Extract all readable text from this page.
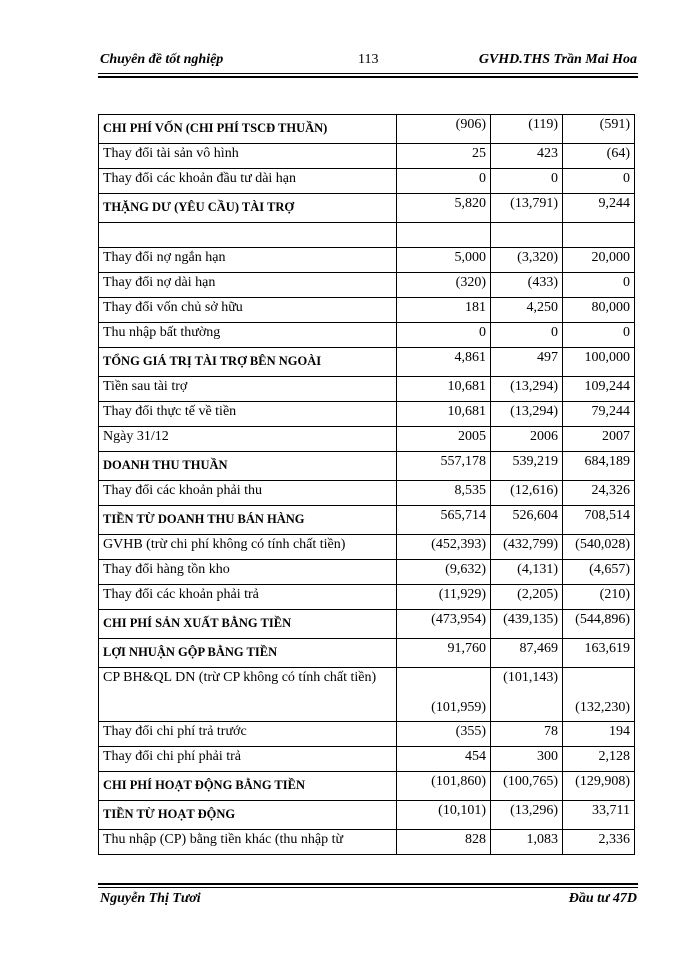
Chuyên đề tốt nghiệp	113	GVHD.THS Trần Mai Hoa
CHI PHÍ VỐN (CHI PHÍ TSCĐ THUẦN)	(906)	(119)	(591)
Thay đổi tài sản vô hình	25	423	(64)
Thay đổi các khoản đầu tư dài hạn	0	0	0
THẶNG DƯ (YÊU CẦU) TÀI TRỢ	5,820	(13,791)	9,244

Thay đổi nợ ngắn hạn	5,000	(3,320)	20,000
Thay đổi nợ dài hạn	(320)	(433)	0
Thay đổi vốn chủ sở hữu	181	4,250	80,000
Thu nhập bất thường	0	0	0
TỔNG GIÁ TRỊ TÀI TRỢ BÊN NGOÀI	4,861	497	100,000
Tiền sau tài trợ	10,681	(13,294)	109,244
Thay đổi thực tế về tiền	10,681	(13,294)	79,244
Ngày 31/12	2005	2006	2007
DOANH THU THUẦN	557,178	539,219	684,189
Thay đổi các khoản phải thu	8,535	(12,616)	24,326
TIỀN TỪ DOANH THU BÁN HÀNG	565,714	526,604	708,514
GVHB (trừ chi phí không có tính chất tiền)	(452,393)	(432,799)	(540,028)
Thay đổi hàng tồn kho	(9,632)	(4,131)	(4,657)
Thay đổi các khoản phải trả	(11,929)	(2,205)	(210)
CHI PHÍ SẢN XUẤT BẰNG TIỀN	(473,954)	(439,135)	(544,896)
LỢI NHUẬN GỘP BẰNG TIỀN	91,760	87,469	163,619
CP BH&QL DN (trừ CP không có tính chất tiền)	(101,959)	(101,143)	(132,230)
Thay đổi chi phí trả trước	(355)	78	194
Thay đổi chi phí phải trả	454	300	2,128
CHI PHÍ HOẠT ĐỘNG BẰNG TIỀN	(101,860)	(100,765)	(129,908)
TIỀN TỪ HOẠT ĐỘNG	(10,101)	(13,296)	33,711
Thu nhập (CP) bằng tiền khác (thu nhập từ	828	1,083	2,336
Nguyễn Thị Tươi	Đầu tư 47D
